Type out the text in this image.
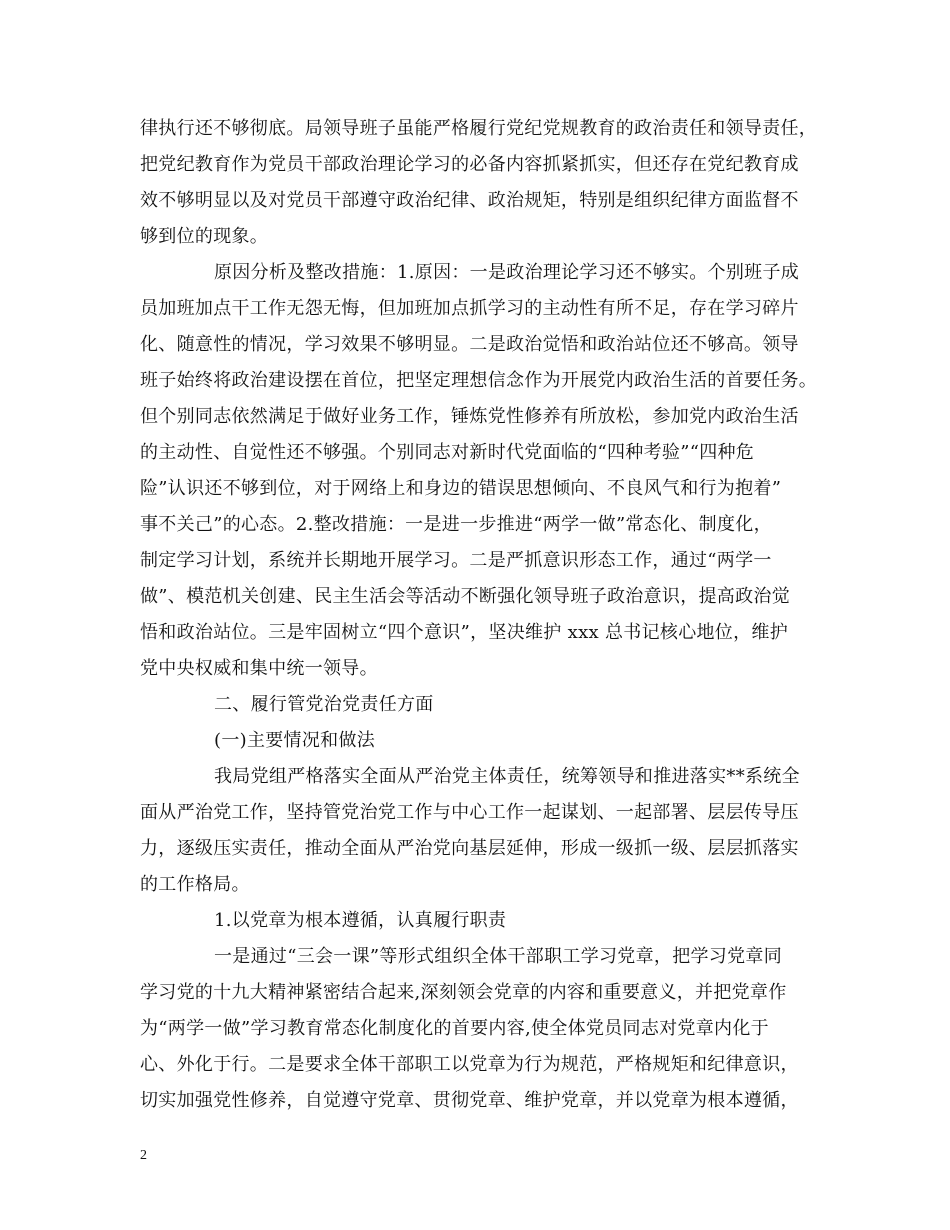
律执行还不够彻底。局领导班子虽能严格履行党纪党规教育的政治责任和领导责任，
把党纪教育作为党员干部政治理论学习的必备内容抓紧抓实，但还存在党纪教育成
效不够明显以及对党员干部遵守政治纪律、政治规矩，特别是组织纪律方面监督不
够到位的现象。
原因分析及整改措施：1.原因：一是政治理论学习还不够实。个别班子成
员加班加点干工作无怨无悔，但加班加点抓学习的主动性有所不足，存在学习碎片
化、随意性的情况，学习效果不够明显。二是政治觉悟和政治站位还不够高。领导
班子始终将政治建设摆在首位，把坚定理想信念作为开展党内政治生活的首要任务。
但个别同志依然满足于做好业务工作，锤炼党性修养有所放松，参加党内政治生活
的主动性、自觉性还不够强。个别同志对新时代党面临的“四种考验”“四种危
险”认识还不够到位，对于网络上和身边的错误思想倾向、不良风气和行为抱着”
事不关己”的心态。2.整改措施：一是进一步推进“两学一做”常态化、制度化，
制定学习计划，系统并长期地开展学习。二是严抓意识形态工作，通过“两学一
做”、模范机关创建、民主生活会等活动不断强化领导班子政治意识，提高政治觉
悟和政治站位。三是牢固树立“四个意识”，坚决维护 xxx 总书记核心地位，维护
党中央权威和集中统一领导。
二、履行管党治党责任方面
(一)主要情况和做法
我局党组严格落实全面从严治党主体责任，统筹领导和推进落实**系统全
面从严治党工作，坚持管党治党工作与中心工作一起谋划、一起部署、层层传导压
力，逐级压实责任，推动全面从严治党向基层延伸，形成一级抓一级、层层抓落实
的工作格局。
1.以党章为根本遵循，认真履行职责
一是通过“三会一课”等形式组织全体干部职工学习党章，把学习党章同
学习党的十九大精神紧密结合起来,深刻领会党章的内容和重要意义，并把党章作
为“两学一做”学习教育常态化制度化的首要内容,使全体党员同志对党章内化于
心、外化于行。二是要求全体干部职工以党章为行为规范，严格规矩和纪律意识，
切实加强党性修养，自觉遵守党章、贯彻党章、维护党章，并以党章为根本遵循，
2
